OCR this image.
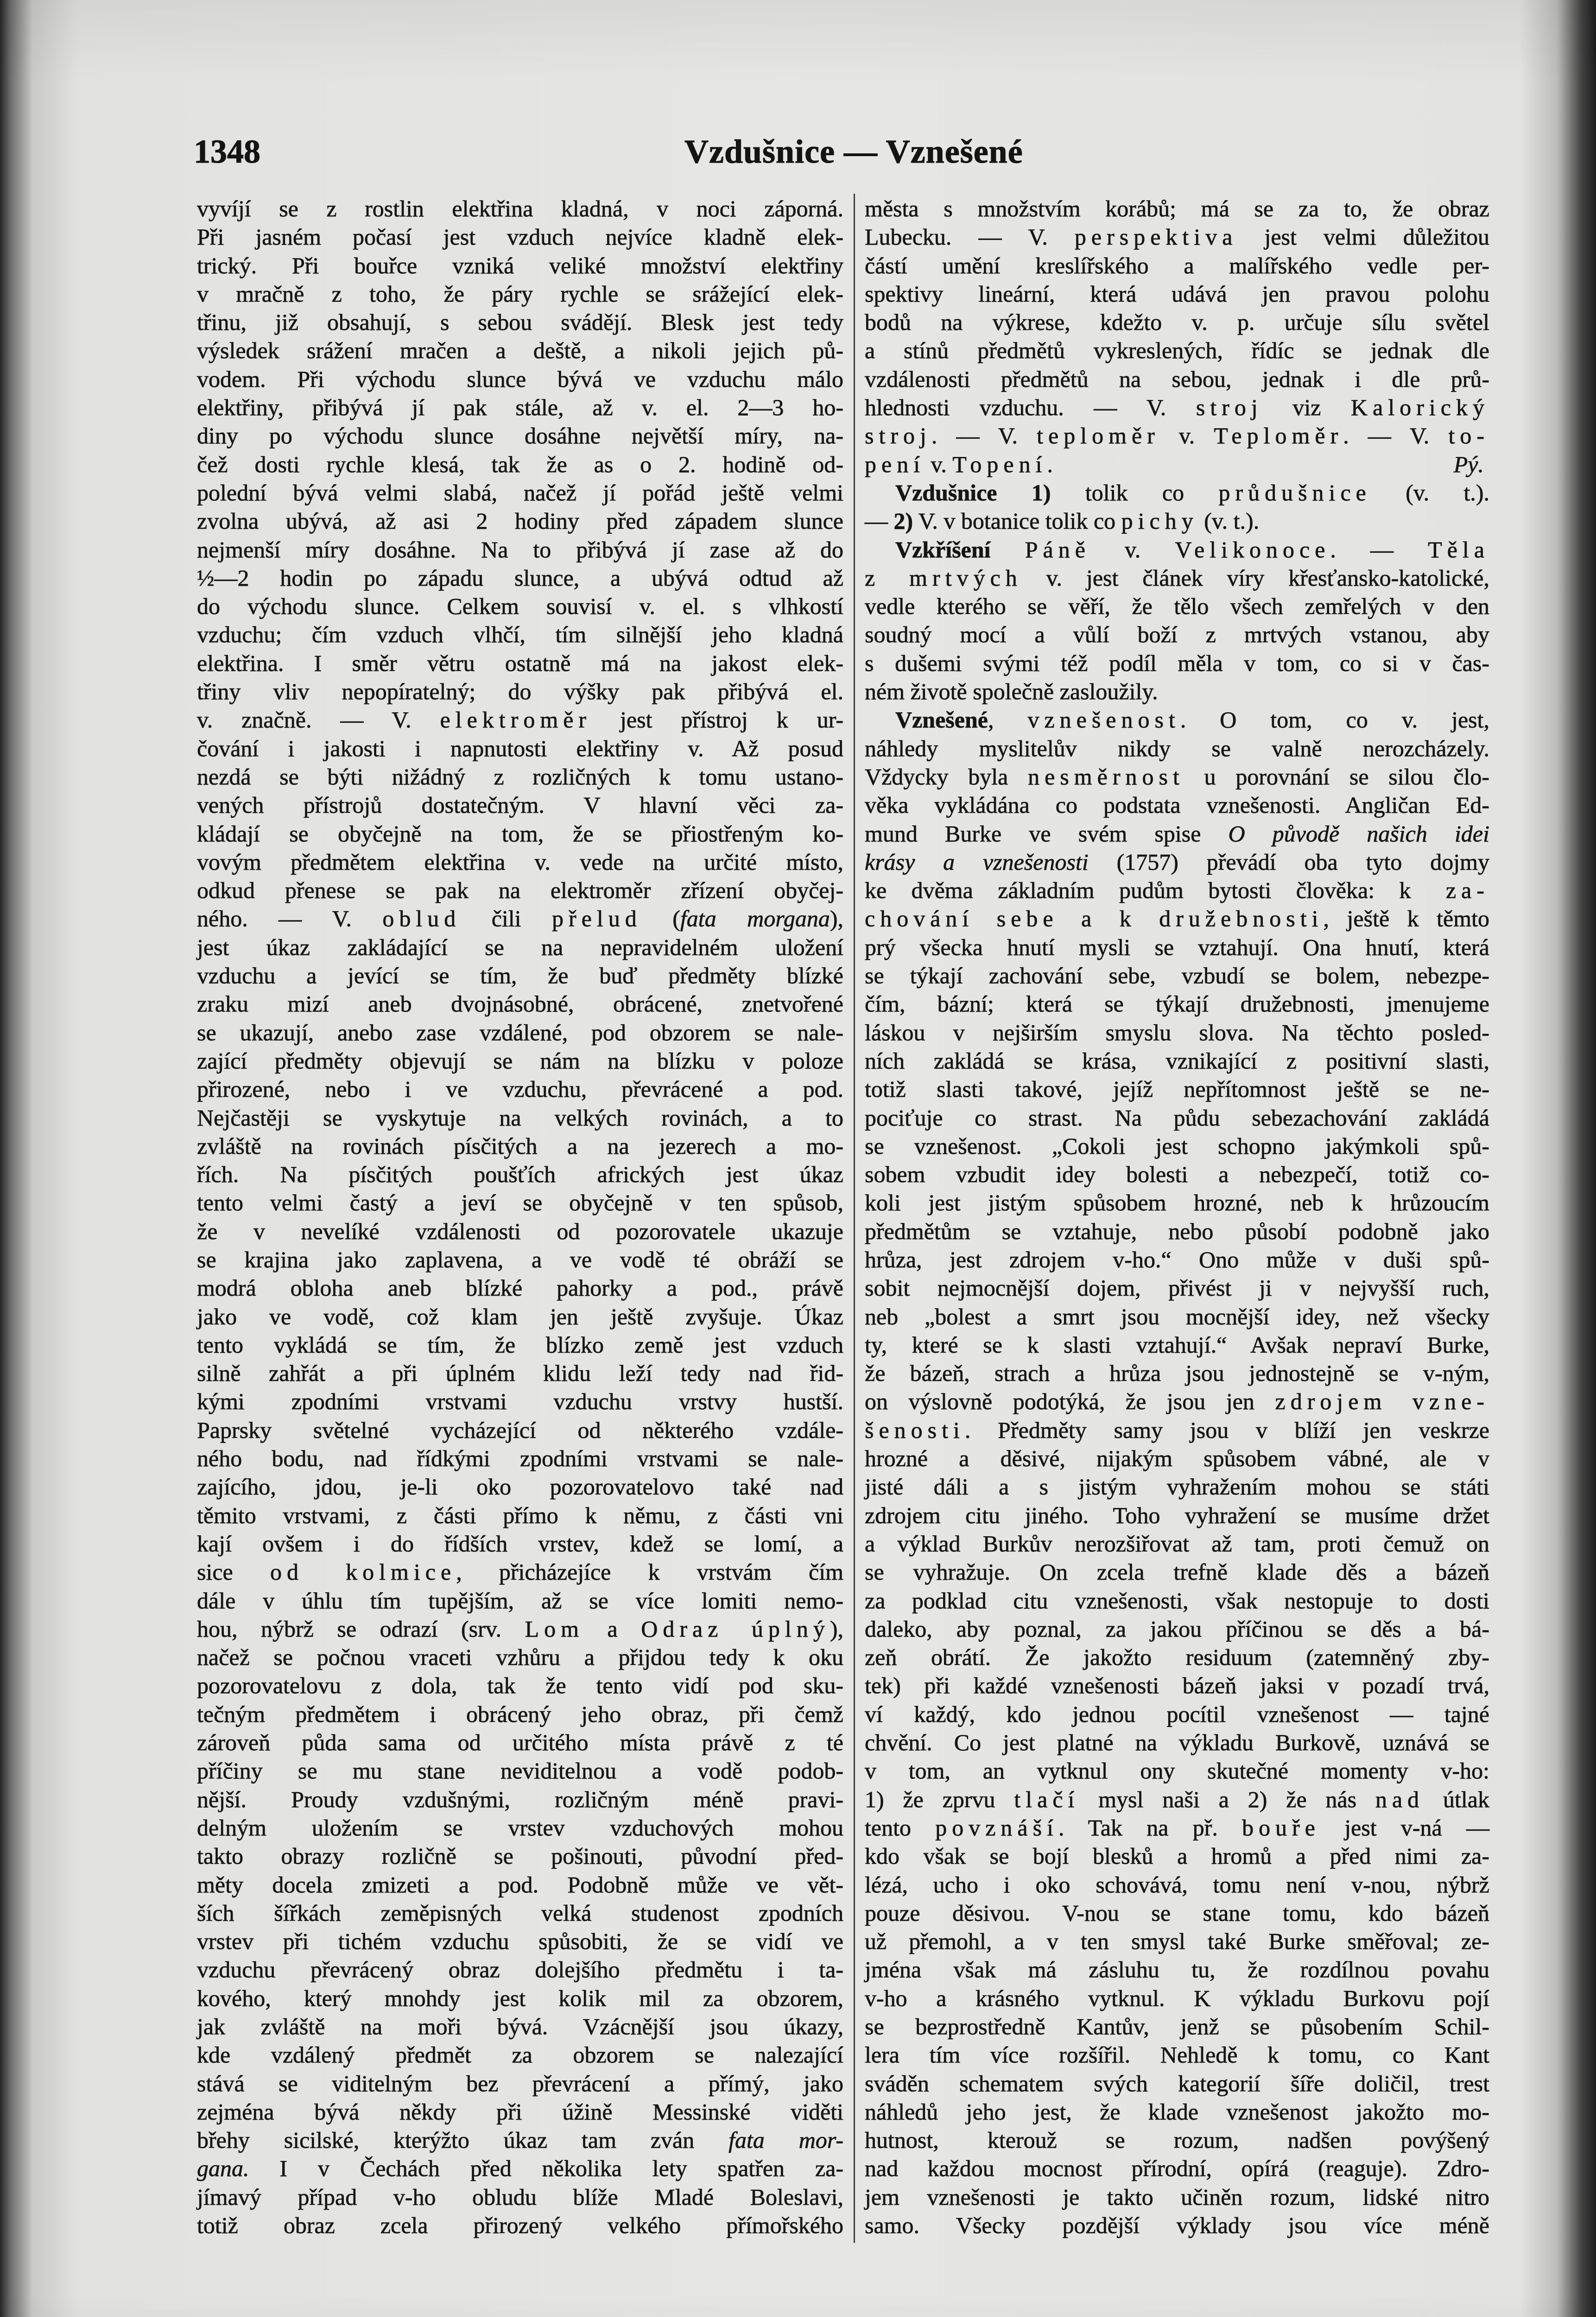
1348	Vzdušnice — Vznešené
vyvíjí se z rostlin elektřina kladná, v noci záporná.
Při jasném počasí jest vzduch nejvíce kladně elek-
trický. Při bouřce vzniká veliké množství elektřiny
v mračně z toho, že páry rychle se srážející elek-
třinu, již obsahují, s sebou svádějí. Blesk jest tedy
výsledek srážení mračen a deště, a nikoli jejich pů-
vodem. Při východu slunce bývá ve vzduchu málo
elektřiny, přibývá jí pak stále, až v. el. 2—3 ho-
diny po východu slunce dosáhne největší míry, na-
čež dosti rychle klesá, tak že as o 2. hodině od-
polední bývá velmi slabá, načež jí pořád ještě velmi
zvolna ubývá, až asi 2 hodiny před západem slunce
nejmenší míry dosáhne. Na to přibývá jí zase až do
½—2 hodin po západu slunce, a ubývá odtud až
do východu slunce. Celkem souvisí v. el. s vlhkostí
vzduchu; čím vzduch vlhčí, tím silnější jeho kladná
elektřina. I směr větru ostatně má na jakost elek-
třiny vliv nepopíratelný; do výšky pak přibývá el.
v. značně. — V. elektroměr jest přístroj k ur-
čování i jakosti i napnutosti elektřiny v. Až posud
nezdá se býti nižádný z rozličných k tomu ustano-
vených přístrojů dostatečným. V hlavní věci za-
kládají se obyčejně na tom, že se přiostřeným ko-
vovým předmětem elektřina v. vede na určité místo,
odkud přenese se pak na elektroměr zřízení obyčej-
ného. — V. oblud čili přelud (fata morgana),
jest úkaz zakládající se na nepravidelném uložení
vzduchu a jevící se tím, že buď předměty blízké
zraku mizí aneb dvojnásobné, obrácené, znetvořené
se ukazují, anebo zase vzdálené, pod obzorem se nale-
zající předměty objevují se nám na blízku v poloze
přirozené, nebo i ve vzduchu, převrácené a pod.
Nejčastěji se vyskytuje na velkých rovinách, a to
zvláště na rovinách písčitých a na jezerech a mo-
řích. Na písčitých poušťích afrických jest úkaz
tento velmi častý a jeví se obyčejně v ten spůsob,
že v nevelíké vzdálenosti od pozorovatele ukazuje
se krajina jako zaplavena, a ve vodě té obráží se
modrá obloha aneb blízké pahorky a pod., právě
jako ve vodě, což klam jen ještě zvyšuje. Úkaz
tento vykládá se tím, že blízko země jest vzduch
silně zahřát a při úplném klidu leží tedy nad řid-
kými zpodními vrstvami vzduchu vrstvy hustší.
Paprsky světelné vycházející od některého vzdále-
ného bodu, nad řídkými zpodními vrstvami se nale-
zajícího, jdou, je-li oko pozorovatelovo také nad
těmito vrstvami, z části přímo k němu, z části vni
kají ovšem i do řídších vrstev, kdež se lomí, a
sice od kolmice, přicházejíce k vrstvám čím
dále v úhlu tím tupějším, až se více lomiti nemo-
hou, nýbrž se odrazí (srv. Lom a Odraz úplný),
načež se počnou vraceti vzhůru a přijdou tedy k oku
pozorovatelovu z dola, tak že tento vidí pod sku-
tečným předmětem i obrácený jeho obraz, při čemž
zároveň půda sama od určitého místa právě z té
příčiny se mu stane neviditelnou a vodě podob-
nější. Proudy vzdušnými, rozličným méně pravi-
delným uložením se vrstev vzduchových mohou
takto obrazy rozličně se pošinouti, původní před-
měty docela zmizeti a pod. Podobně může ve vět-
ších šířkách zeměpisných velká studenost zpodních
vrstev při tichém vzduchu spůsobiti, že se vidí ve
vzduchu převrácený obraz dolejšího předmětu i ta-
kového, který mnohdy jest kolik mil za obzorem,
jak zvláště na moři bývá. Vzácnější jsou úkazy,
kde vzdálený předmět za obzorem se nalezající
stává se viditelným bez převrácení a přímý, jako
zejména bývá někdy při úžině Messinské viděti
břehy sicilské, kterýžto úkaz tam zván fata mor-
gana. I v Čechách před několika lety spatřen za-
jímavý případ v-ho obludu blíže Mladé Boleslavi,
totiž obraz zcela přirozený velkého přímořského
města s množstvím korábů; má se za to, že obraz
Lubecku. — V. perspektiva jest velmi důležitou
částí umění kreslířského a malířského vedle per-
spektivy lineární, která udává jen pravou polohu
bodů na výkrese, kdežto v. p. určuje sílu světel
a stínů předmětů vykreslených, řídíc se jednak dle
vzdálenosti předmětů na sebou, jednak i dle prů-
hlednosti vzduchu. — V. stroj viz Kalorický
stroj. — V. teploměr v. Teploměr. — V. to-
pení v. Topení.	Pý.
Vzdušnice 1) tolik co průdušnice (v. t.).
— 2) V. v botanice tolik co pichy (v. t.).
Vzkříšení Páně v. Velikonoce. — Těla
z mrtvých v. jest článek víry křesťansko-katolické,
vedle kterého se věří, že tělo všech zemřelých v den
soudný mocí a vůlí boží z mrtvých vstanou, aby
s dušemi svými též podíl měla v tom, co si v čas-
ném životě společně zasloužily.
Vznešené, vznešenost. O tom, co v. jest,
náhledy myslitelův nikdy se valně nerozcházely.
Vždycky byla nesměrnost u porovnání se silou člo-
věka vykládána co podstata vznešenosti. Angličan Ed-
mund Burke ve svém spise O původě našich idei
krásy a vznešenosti (1757) převádí oba tyto dojmy
ke dvěma základním pudům bytosti člověka: k za-
chování sebe a k družebnosti, ještě k těmto
prý všecka hnutí mysli se vztahují. Ona hnutí, která
se týkají zachování sebe, vzbudí se bolem, nebezpe-
čím, bázní; která se týkají družebnosti, jmenujeme
láskou v nejširším smyslu slova. Na těchto posled-
ních zakládá se krása, vznikající z positivní slasti,
totiž slasti takové, jejíž nepřítomnost ještě se ne-
pociťuje co strast. Na půdu sebezachování zakládá
se vznešenost. „Cokoli jest schopno jakýmkoli spů-
sobem vzbudit idey bolesti a nebezpečí, totiž co-
koli jest jistým spůsobem hrozné, neb k hrůzoucím
předmětům se vztahuje, nebo působí podobně jako
hrůza, jest zdrojem v-ho.“ Ono může v duši spů-
sobit nejmocnější dojem, přivést ji v nejvyšší ruch,
neb „bolest a smrt jsou mocnější idey, než všecky
ty, které se k slasti vztahují.“ Avšak nepraví Burke,
že bázeň, strach a hrůza jsou jednostejně se v-ným,
on výslovně podotýká, že jsou jen zdrojem vzne-
šenosti. Předměty samy jsou v blíží jen veskrze
hrozné a děsivé, nijakým spůsobem vábné, ale v
jisté dáli a s jistým vyhražením mohou se státi
zdrojem citu jiného. Toho vyhražení se musíme držet
a výklad Burkův nerozšiřovat až tam, proti čemuž on
se vyhražuje. On zcela trefně klade děs a bázeň
za podklad citu vznešenosti, však nestopuje to dosti
daleko, aby poznal, za jakou příčinou se děs a bá-
zeň obrátí. Že jakožto residuum (zatemněný zby-
tek) při každé vznešenosti bázeň jaksi v pozadí trvá,
ví každý, kdo jednou pocítil vznešenost — tajné
chvění. Co jest platné na výkladu Burkově, uznává se
v tom, an vytknul ony skutečné momenty v-ho:
1) že zprvu tlačí mysl naši a 2) že nás nad útlak
tento povznáší. Tak na př. bouře jest v-ná —
kdo však se bojí blesků a hromů a před nimi za-
lézá, ucho i oko schovává, tomu není v-nou, nýbrž
pouze děsivou. V-nou se stane tomu, kdo bázeň
už přemohl, a v ten smysl také Burke směřoval; ze-
jména však má zásluhu tu, že rozdílnou povahu
v-ho a krásného vytknul. K výkladu Burkovu pojí
se bezprostředně Kantův, jenž se působením Schil-
lera tím více rozšířil. Nehledě k tomu, co Kant
sváděn schematem svých kategorií šíře doličil, trest
náhledů jeho jest, že klade vznešenost jakožto mo-
hutnost, kterouž se rozum, nadšen povýšený
nad každou mocnost přírodní, opírá (reaguje). Zdro-
jem vznešenosti je takto učiněn rozum, lidské nitro
samo. Všecky pozdější výklady jsou více méně
